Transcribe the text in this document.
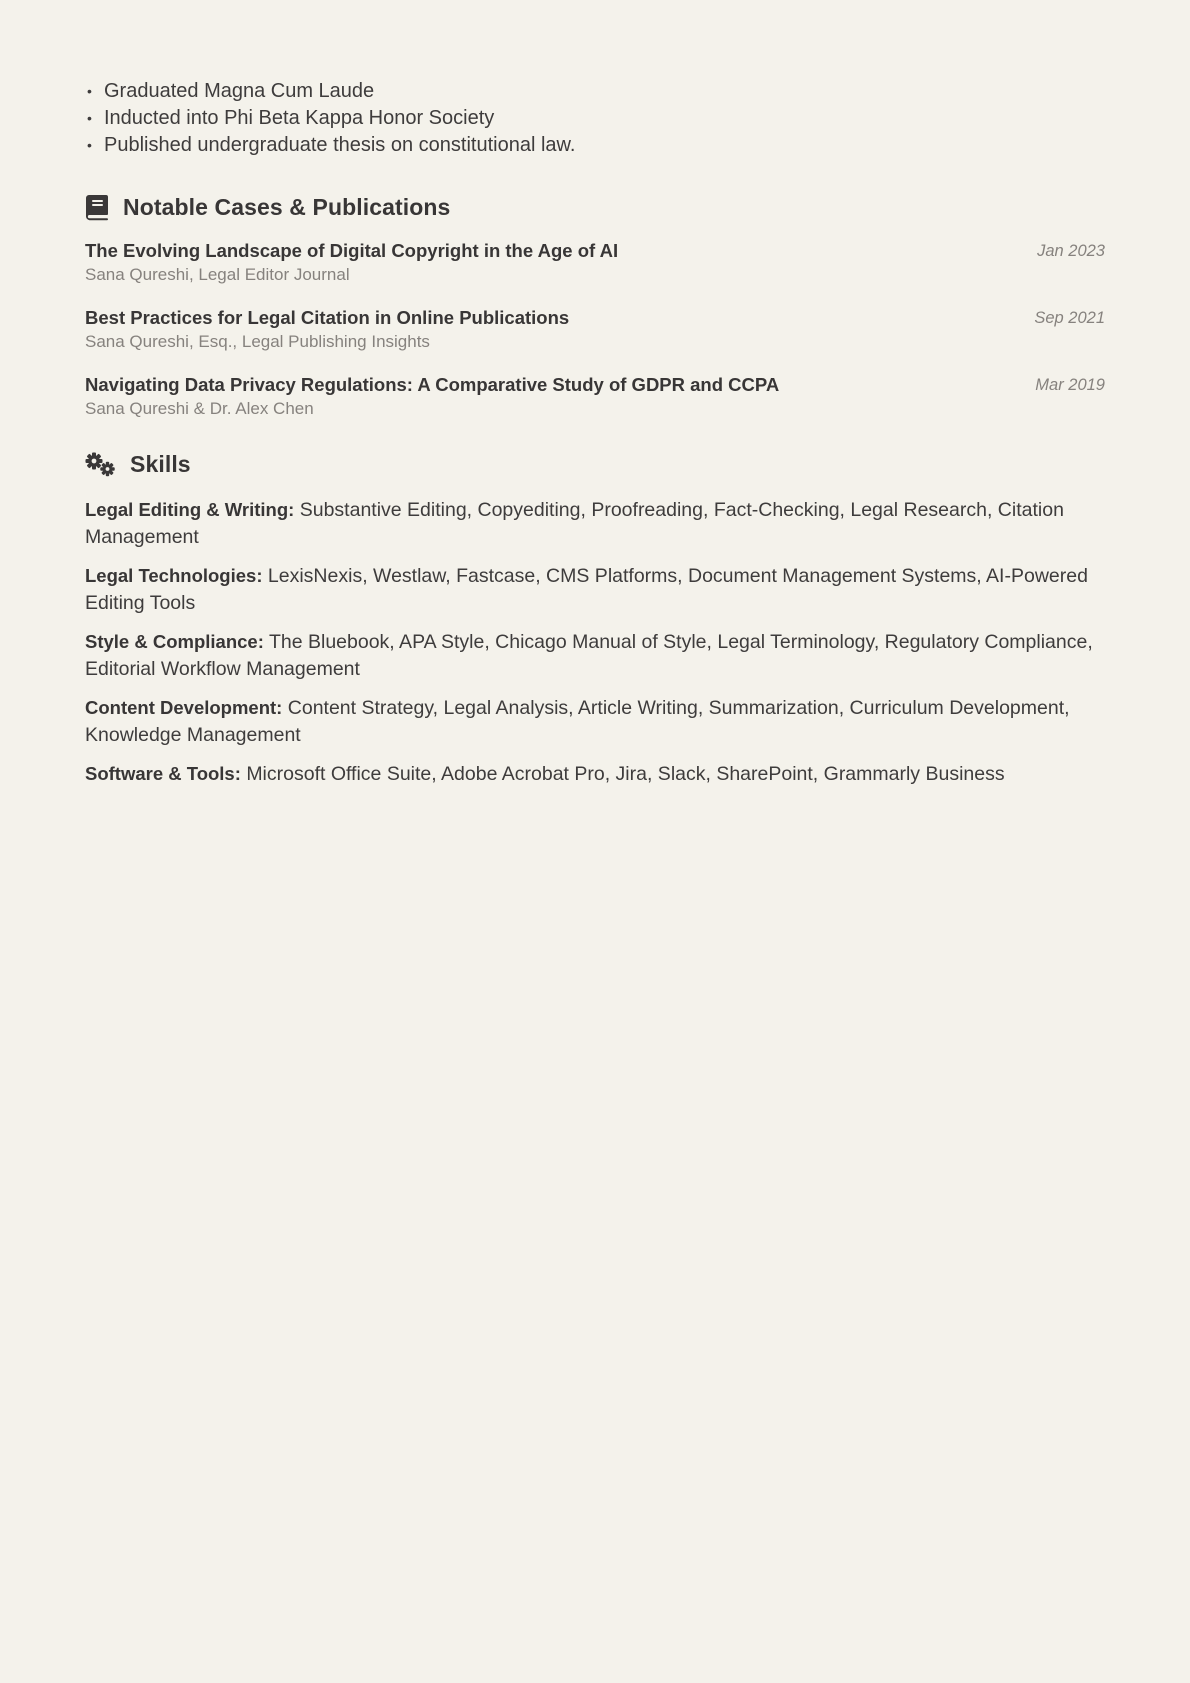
• Graduated Magna Cum Laude
• Inducted into Phi Beta Kappa Honor Society
• Published undergraduate thesis on constitutional law.
Notable Cases & Publications
The Evolving Landscape of Digital Copyright in the Age of AI
Sana Qureshi, Legal Editor Journal
Jan 2023
Best Practices for Legal Citation in Online Publications
Sana Qureshi, Esq., Legal Publishing Insights
Sep 2021
Navigating Data Privacy Regulations: A Comparative Study of GDPR and CCPA
Sana Qureshi & Dr. Alex Chen
Mar 2019
Skills
Legal Editing & Writing: Substantive Editing, Copyediting, Proofreading, Fact-Checking, Legal Research, Citation Management
Legal Technologies: LexisNexis, Westlaw, Fastcase, CMS Platforms, Document Management Systems, AI-Powered Editing Tools
Style & Compliance: The Bluebook, APA Style, Chicago Manual of Style, Legal Terminology, Regulatory Compliance, Editorial Workflow Management
Content Development: Content Strategy, Legal Analysis, Article Writing, Summarization, Curriculum Development, Knowledge Management
Software & Tools: Microsoft Office Suite, Adobe Acrobat Pro, Jira, Slack, SharePoint, Grammarly Business
